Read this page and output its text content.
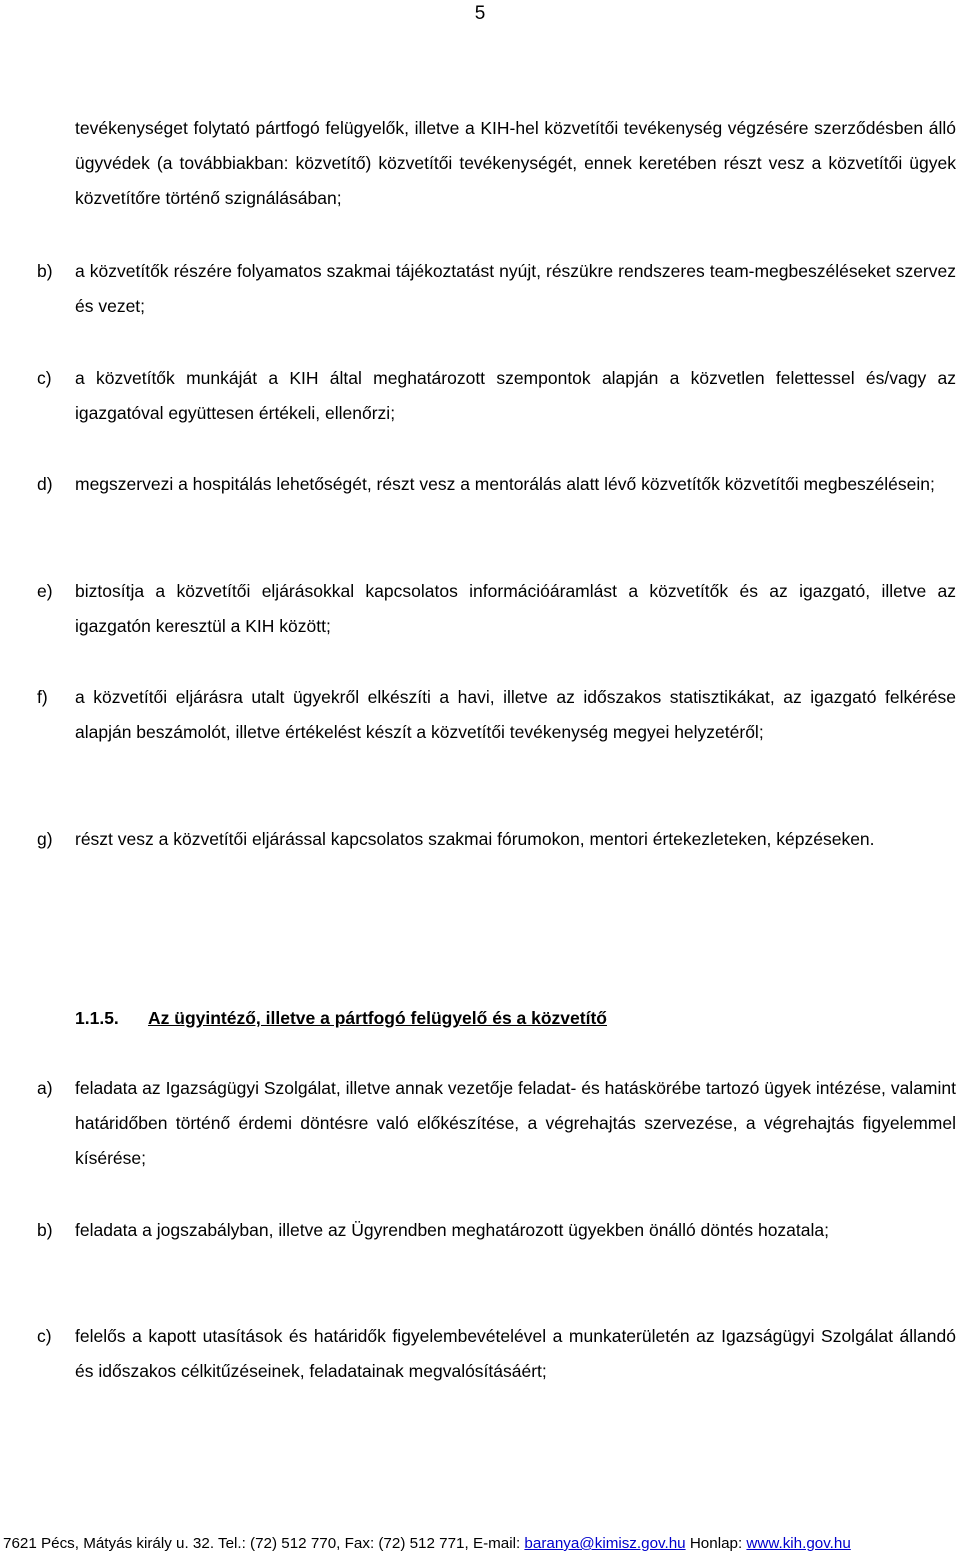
5
tevékenységet folytató pártfogó felügyelők, illetve a KIH-hel közvetítői tevékenység végzésére szerződésben álló ügyvédek (a továbbiakban: közvetítő) közvetítői tevékenységét, ennek keretében részt vesz a közvetítői ügyek közvetítőre történő szignálásában;
b)	a közvetítők részére folyamatos szakmai tájékoztatást nyújt, részükre rendszeres team-megbeszéléseket szervez és vezet;
c)	a közvetítők munkáját a KIH által meghatározott szempontok alapján a közvetlen felettessel és/vagy az igazgatóval együttesen értékeli, ellenőrzi;
d)	megszervezi a hospitálás lehetőségét, részt vesz a mentorálás alatt lévő közvetítők közvetítői megbeszélésein;
e)	biztosítja a közvetítői eljárásokkal kapcsolatos információáramlást a közvetítők és az igazgató, illetve az igazgatón keresztül a KIH között;
f)	a közvetítői eljárásra utalt ügyekről elkészíti a havi, illetve az időszakos statisztikákat, az igazgató felkérése alapján beszámolót, illetve értékelést készít a közvetítői tevékenység megyei helyzetéről;
g)	részt vesz a közvetítői eljárással kapcsolatos szakmai fórumokon, mentori értekezleteken, képzéseken.
1.1.5.	Az ügyintéző, illetve a pártfogó felügyelő és a közvetítő
a)	feladata az Igazságügyi Szolgálat, illetve annak vezetője feladat- és hatáskörébe tartozó ügyek intézése, valamint határidőben történő érdemi döntésre való előkészítése, a végrehajtás szervezése, a végrehajtás figyelemmel kísérése;
b)	feladata a jogszabályban, illetve az Ügyrendben meghatározott ügyekben önálló döntés hozatala;
c)	felelős a kapott utasítások és határidők figyelembevételével a munkaterületén az Igazságügyi Szolgálat állandó és időszakos célkitűzéseinek, feladatainak megvalósításáért;
7621 Pécs, Mátyás király u. 32. Tel.: (72) 512 770, Fax: (72) 512 771, E-mail: baranya@kimisz.gov.hu Honlap: www.kih.gov.hu
